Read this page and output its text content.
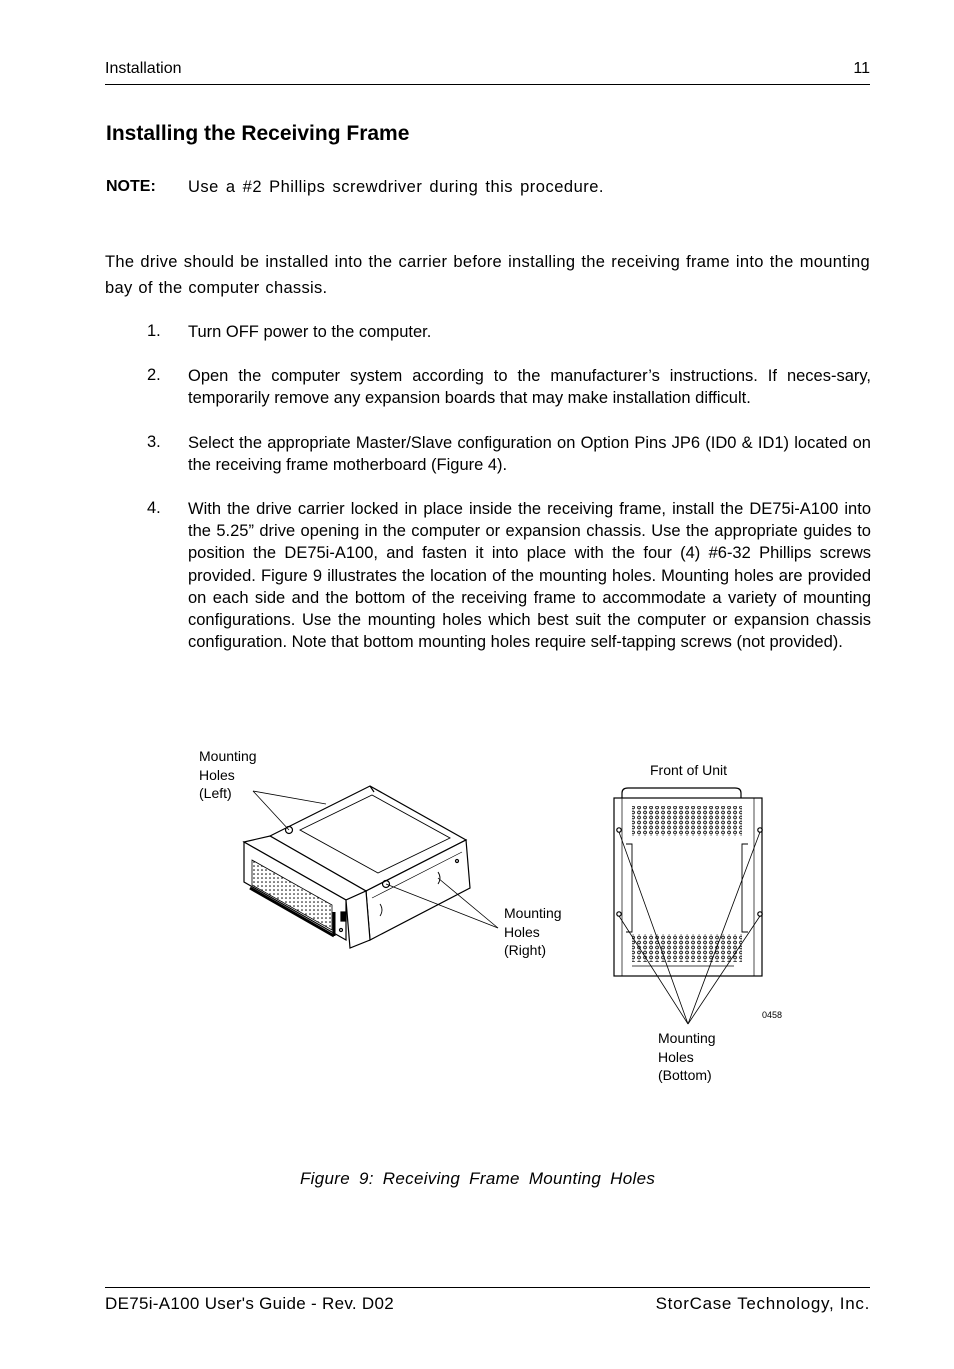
Installation	11
Installing the Receiving Frame
NOTE: Use a #2 Phillips screwdriver during this procedure.
The drive should be installed into the carrier before installing the receiving frame into the mounting bay of the computer chassis.
1. Turn OFF power to the computer.
2. Open the computer system according to the manufacturer’s instructions. If neces-sary, temporarily remove any expansion boards that may make installation difficult.
3. Select the appropriate Master/Slave configuration on Option Pins JP6 (ID0 & ID1) located on the receiving frame motherboard (Figure 4).
4. With the drive carrier locked in place inside the receiving frame, install the DE75i-A100 into the 5.25” drive opening in the computer or expansion chassis. Use the appropriate guides to position the DE75i-A100, and fasten it into place with the four (4) #6-32 Phillips screws provided. Figure 9 illustrates the location of the mounting holes. Mounting holes are provided on each side and the bottom of the receiving frame to accommodate a variety of mounting configurations. Use the mounting holes which best suit the computer or expansion chassis configuration. Note that bottom mounting holes require self-tapping screws (not provided).
Mounting
Holes
(Left)
Mounting
Holes
(Right)
Front of Unit
Mounting
Holes
(Bottom)
0458
Figure 9: Receiving Frame Mounting Holes
DE75i-A100 User's Guide - Rev. D02	StorCase Technology, Inc.
